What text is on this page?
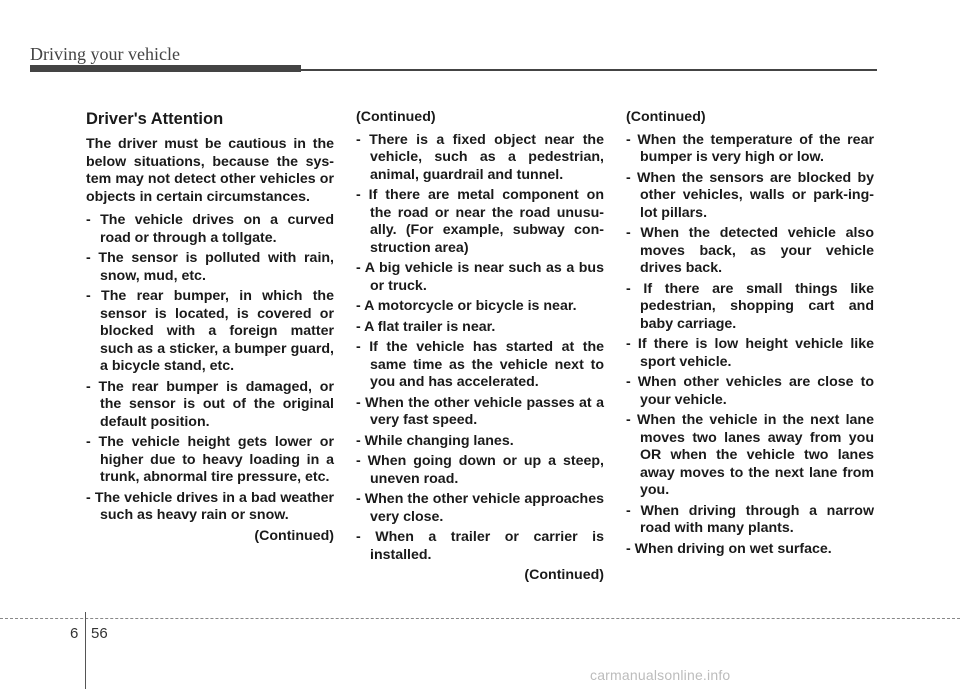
Driving your vehicle
Driver's Attention
The driver must be cautious in the below situations, because the sys-tem may not detect other vehicles or objects in certain circumstances.
- The vehicle drives on a curved road or through a tollgate.
- The sensor is polluted with rain, snow, mud, etc.
- The rear bumper, in which the sensor is located, is covered or blocked with a foreign matter such as a sticker, a bumper guard, a bicycle stand, etc.
- The rear bumper is damaged, or the sensor is out of the original default position.
- The vehicle height gets lower or higher due to heavy loading in a trunk, abnormal tire pressure, etc.
- The vehicle drives in a bad weather such as heavy rain or snow.
(Continued)
(Continued)
- There is a fixed object near the vehicle, such as a pedestrian, animal, guardrail and tunnel.
- If there are metal component on the road or near the road unusu-ally. (For example, subway con-struction area)
- A big vehicle is near such as a bus or truck.
- A motorcycle or bicycle is near.
- A flat trailer is near.
- If the vehicle has started at the same time as the vehicle next to you and has accelerated.
- When the other vehicle passes at a very fast speed.
- While changing lanes.
- When going down or up a steep, uneven road.
- When the other vehicle approaches very close.
- When a trailer or carrier is installed.
(Continued)
(Continued)
- When the temperature of the rear bumper is very high or low.
- When the sensors are blocked by other vehicles, walls or park-ing-lot pillars.
- When the detected vehicle also moves back, as your vehicle drives back.
- If there are small things like pedestrian, shopping cart and baby carriage.
- If there is low height vehicle like sport vehicle.
- When other vehicles are close to your vehicle.
- When the vehicle in the next lane moves two lanes away from you OR when the vehicle two lanes away moves to the next lane from you.
- When driving through a narrow road with many plants.
- When driving on wet surface.
6 56
carmanualsonline.info
